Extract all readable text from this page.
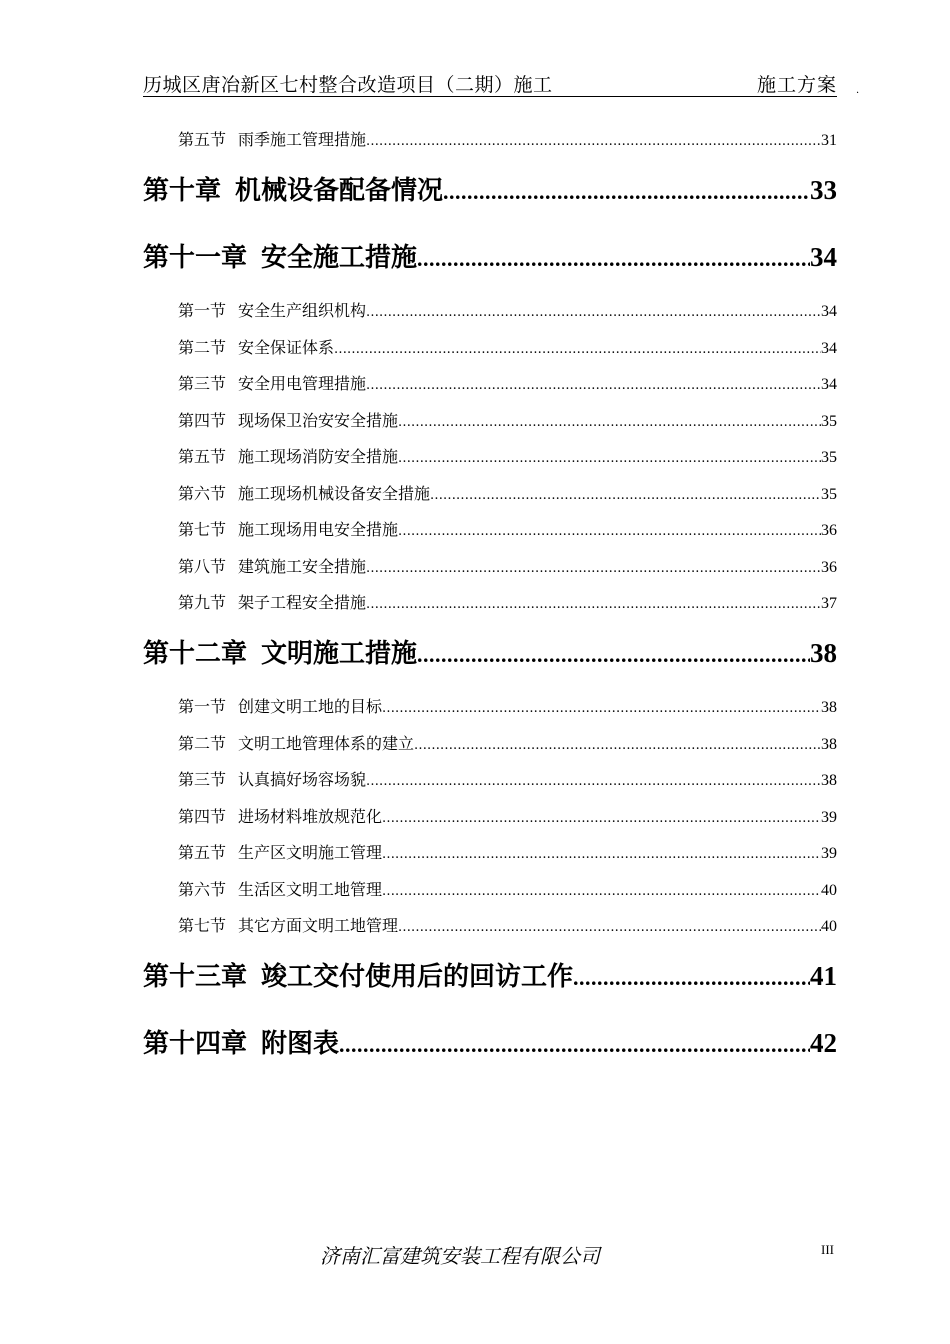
历城区唐冶新区七村整合改造项目（二期）施工	施工方案 ·
第五节 雨季施工管理措施 .....	31
第十章 机械设备配备情况 .....	33
第十一章 安全施工措施 .....	34
第一节 安全生产组织机构 .....	34
第二节 安全保证体系 .....	34
第三节 安全用电管理措施 .....	34
第四节 现场保卫治安安全措施 .....	35
第五节 施工现场消防安全措施 .....	35
第六节 施工现场机械设备安全措施 .....	35
第七节 施工现场用电安全措施 .....	36
第八节 建筑施工安全措施 .....	36
第九节 架子工程安全措施 .....	37
第十二章 文明施工措施 .....	38
第一节 创建文明工地的目标 .....	38
第二节 文明工地管理体系的建立 .....	38
第三节 认真搞好场容场貌 .....	38
第四节 进场材料堆放规范化 .....	39
第五节 生产区文明施工管理 .....	39
第六节 生活区文明工地管理 .....	40
第七节 其它方面文明工地管理 .....	40
第十三章 竣工交付使用后的回访工作 .....	41
第十四章 附图表 .....	42
济南汇富建筑安装工程有限公司	III
